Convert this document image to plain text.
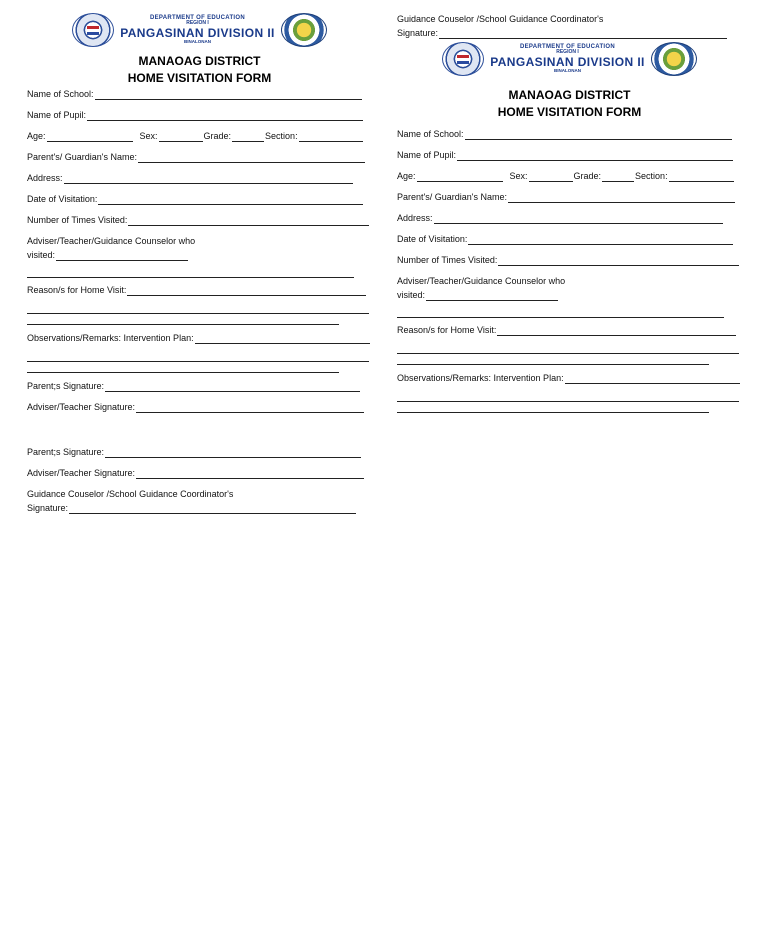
DEPARTMENT OF EDUCATION
REGION I
PANGASINAN DIVISION II
BINALONAN
MANAOAG DISTRICT
HOME VISITATION FORM
Name of School:
Name of Pupil:
Age:	Sex:	Grade:	Section:
Parent's/ Guardian's Name:
Address:
Date of Visitation:
Number of Times Visited:
Adviser/Teacher/Guidance Counselor who
visited:
Reason/s for Home Visit:
Observations/Remarks: Intervention Plan:
Parent;s Signature:
Adviser/Teacher Signature:
Parent;s Signature:
Adviser/Teacher Signature:
Guidance Couselor /School Guidance Coordinator's
Signature:
Guidance Couselor /School Guidance Coordinator's
Signature:
DEPARTMENT OF EDUCATION
REGION I
PANGASINAN DIVISION II
BINALONAN
MANAOAG DISTRICT
HOME VISITATION FORM
Name of School:
Name of Pupil:
Age:	Sex:	Grade:	Section:
Parent's/ Guardian's Name:
Address:
Date of Visitation:
Number of Times Visited:
Adviser/Teacher/Guidance Counselor who
visited:
Reason/s for Home Visit:
Observations/Remarks: Intervention Plan:
